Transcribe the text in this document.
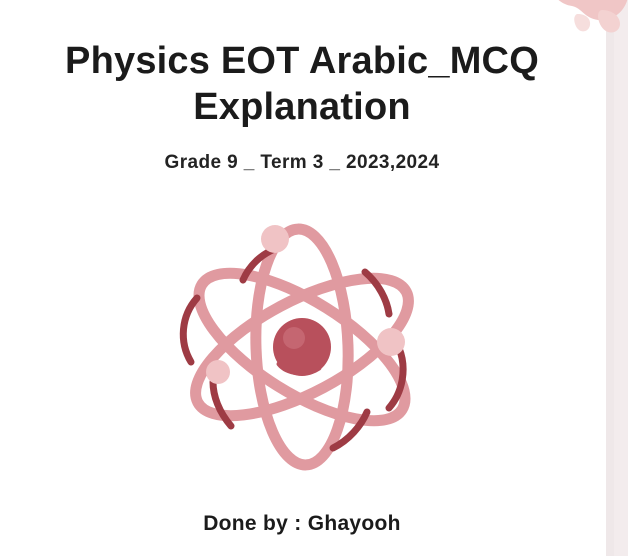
Physics EOT Arabic_MCQ Explanation
Grade 9 _ Term 3 _ 2023,2024
Done by : Ghayooh
